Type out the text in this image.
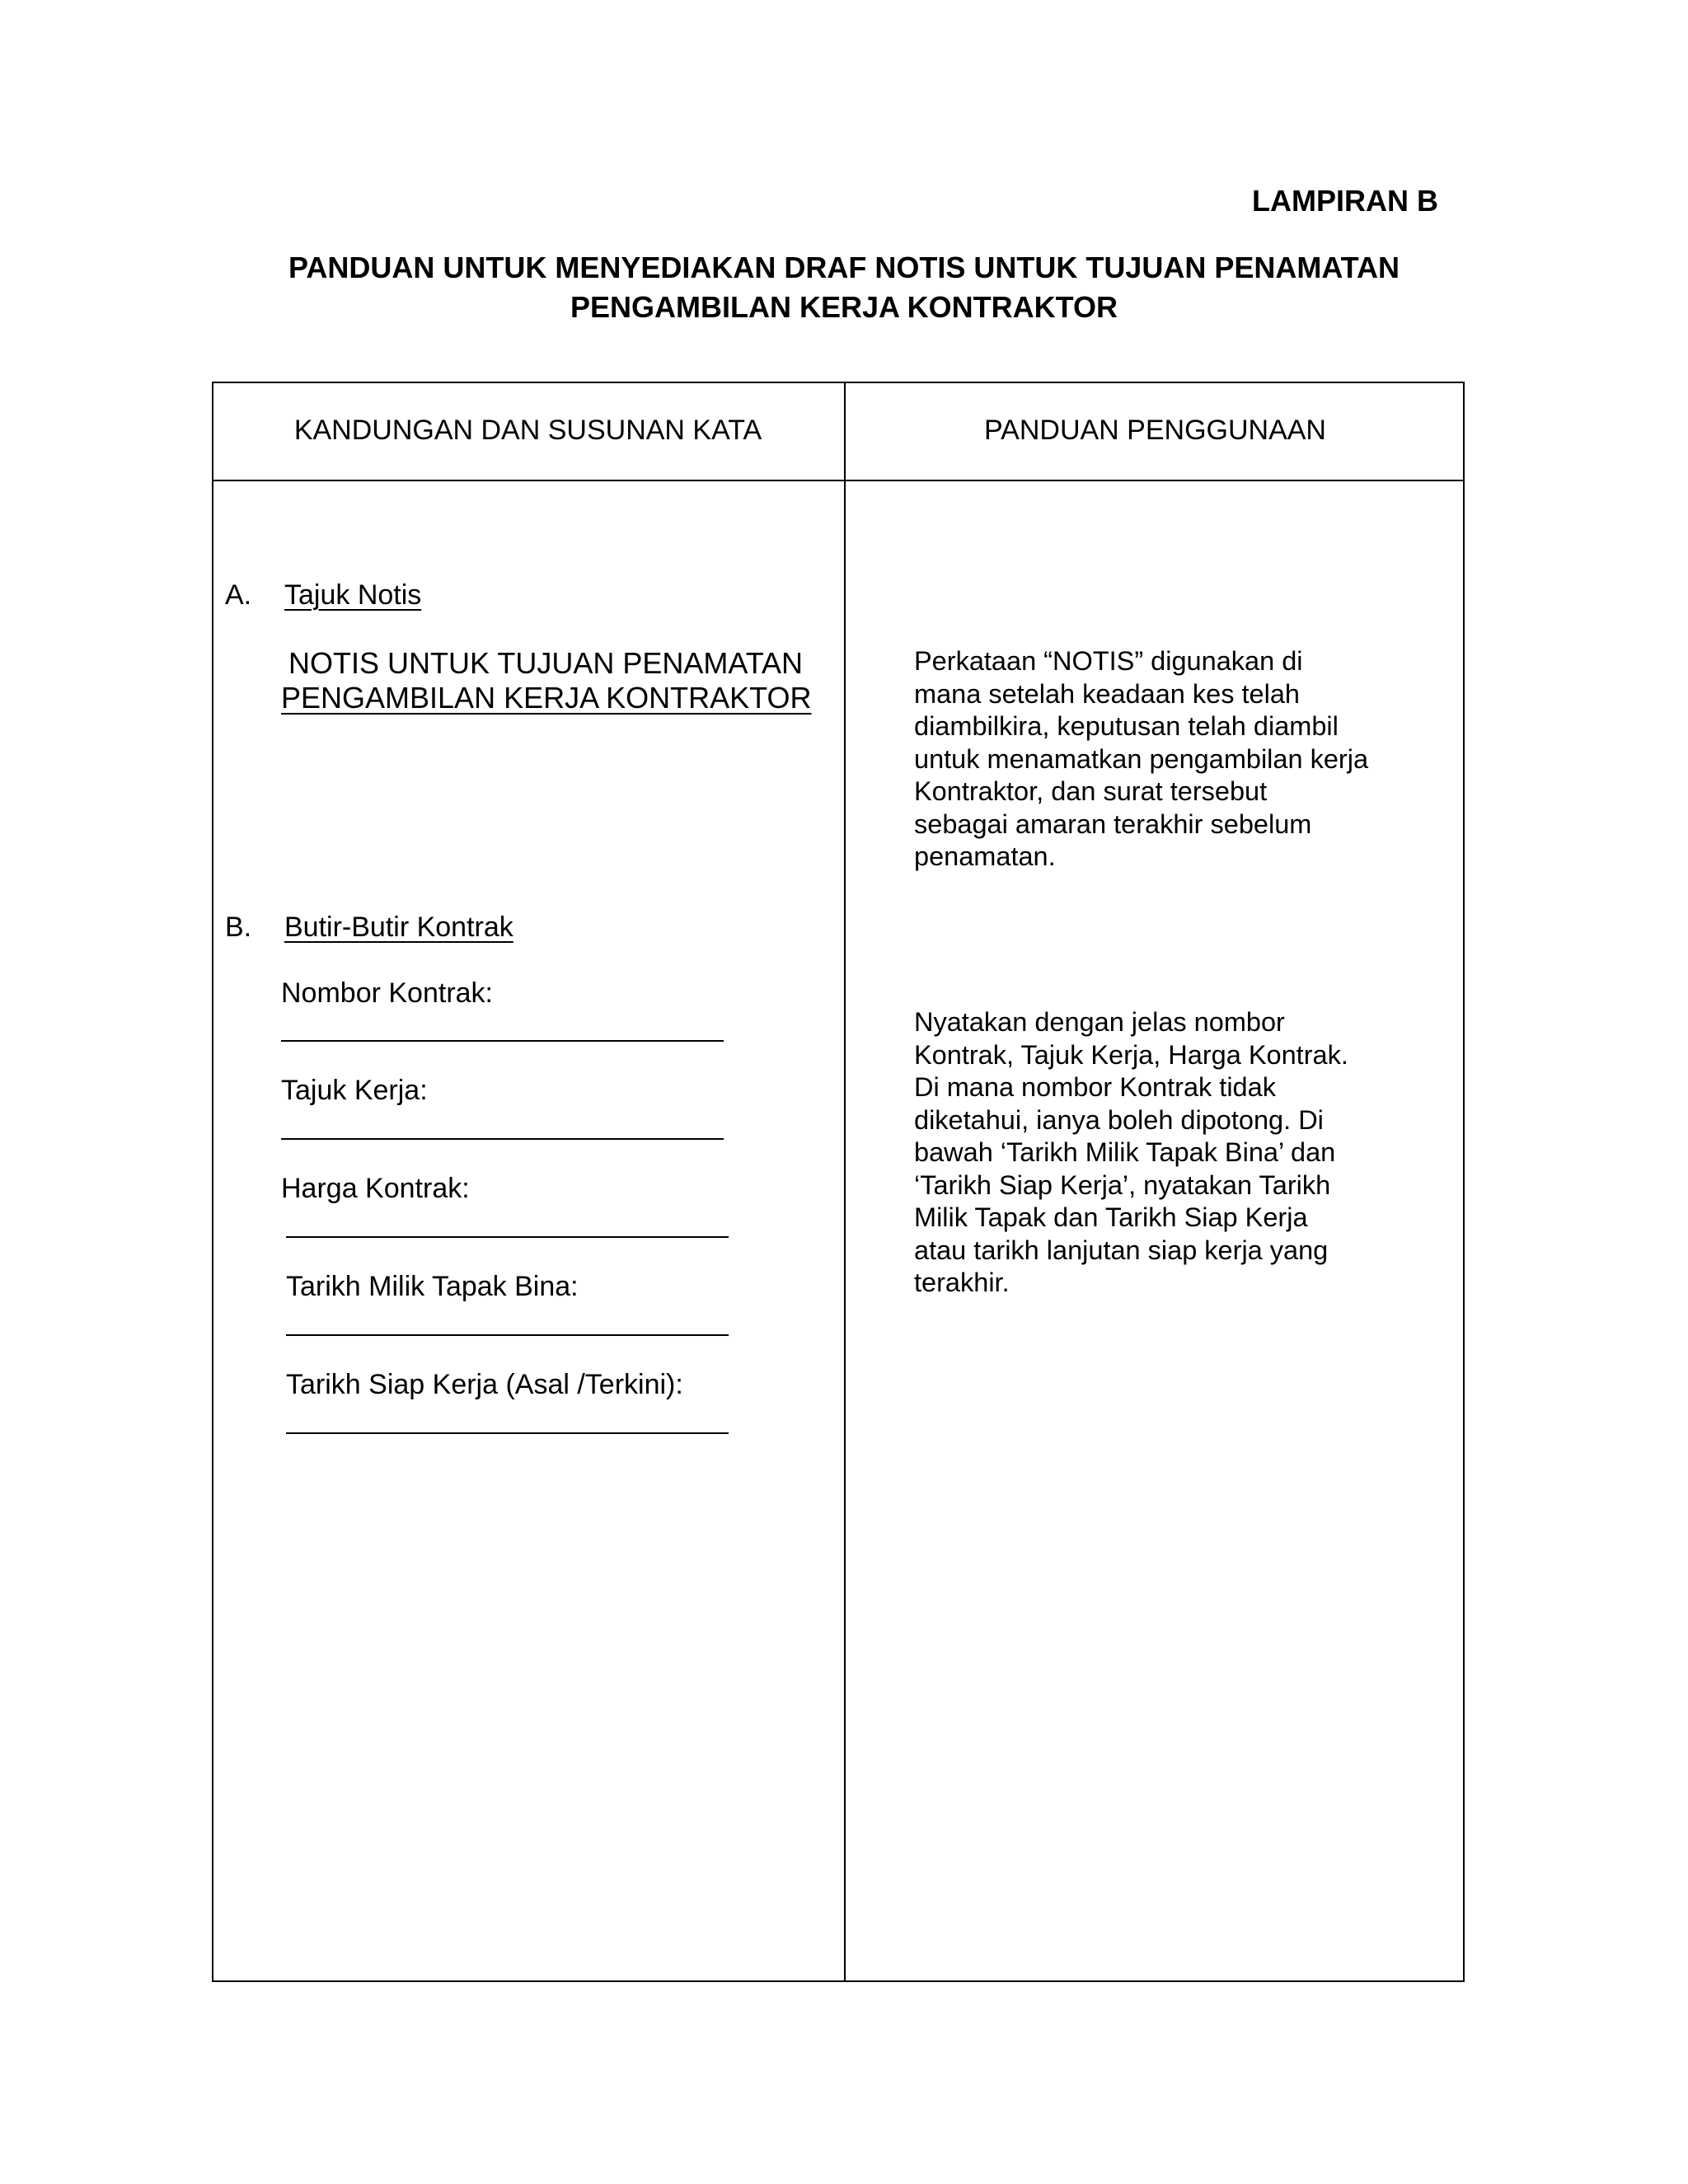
LAMPIRAN B
PANDUAN UNTUK MENYEDIAKAN DRAF NOTIS UNTUK TUJUAN PENAMATAN
PENGAMBILAN KERJA KONTRAKTOR
KANDUNGAN DAN SUSUNAN KATA	PANDUAN PENGGUNAAN
A. Tajuk Notis
NOTIS UNTUK TUJUAN PENAMATAN
PENGAMBILAN KERJA KONTRAKTOR
Perkataan “NOTIS” digunakan di
mana setelah keadaan kes telah
diambilkira, keputusan telah diambil
untuk menamatkan pengambilan kerja
Kontraktor, dan surat tersebut
sebagai amaran terakhir sebelum
penamatan.
B. Butir-Butir Kontrak
Nombor Kontrak:
Tajuk Kerja:
Harga Kontrak:
Tarikh Milik Tapak Bina:
Tarikh Siap Kerja (Asal /Terkini):
Nyatakan dengan jelas nombor
Kontrak, Tajuk Kerja, Harga Kontrak.
Di mana nombor Kontrak tidak
diketahui, ianya boleh dipotong. Di
bawah ‘Tarikh Milik Tapak Bina’ dan
‘Tarikh Siap Kerja’, nyatakan Tarikh
Milik Tapak dan Tarikh Siap Kerja
atau tarikh lanjutan siap kerja yang
terakhir.
